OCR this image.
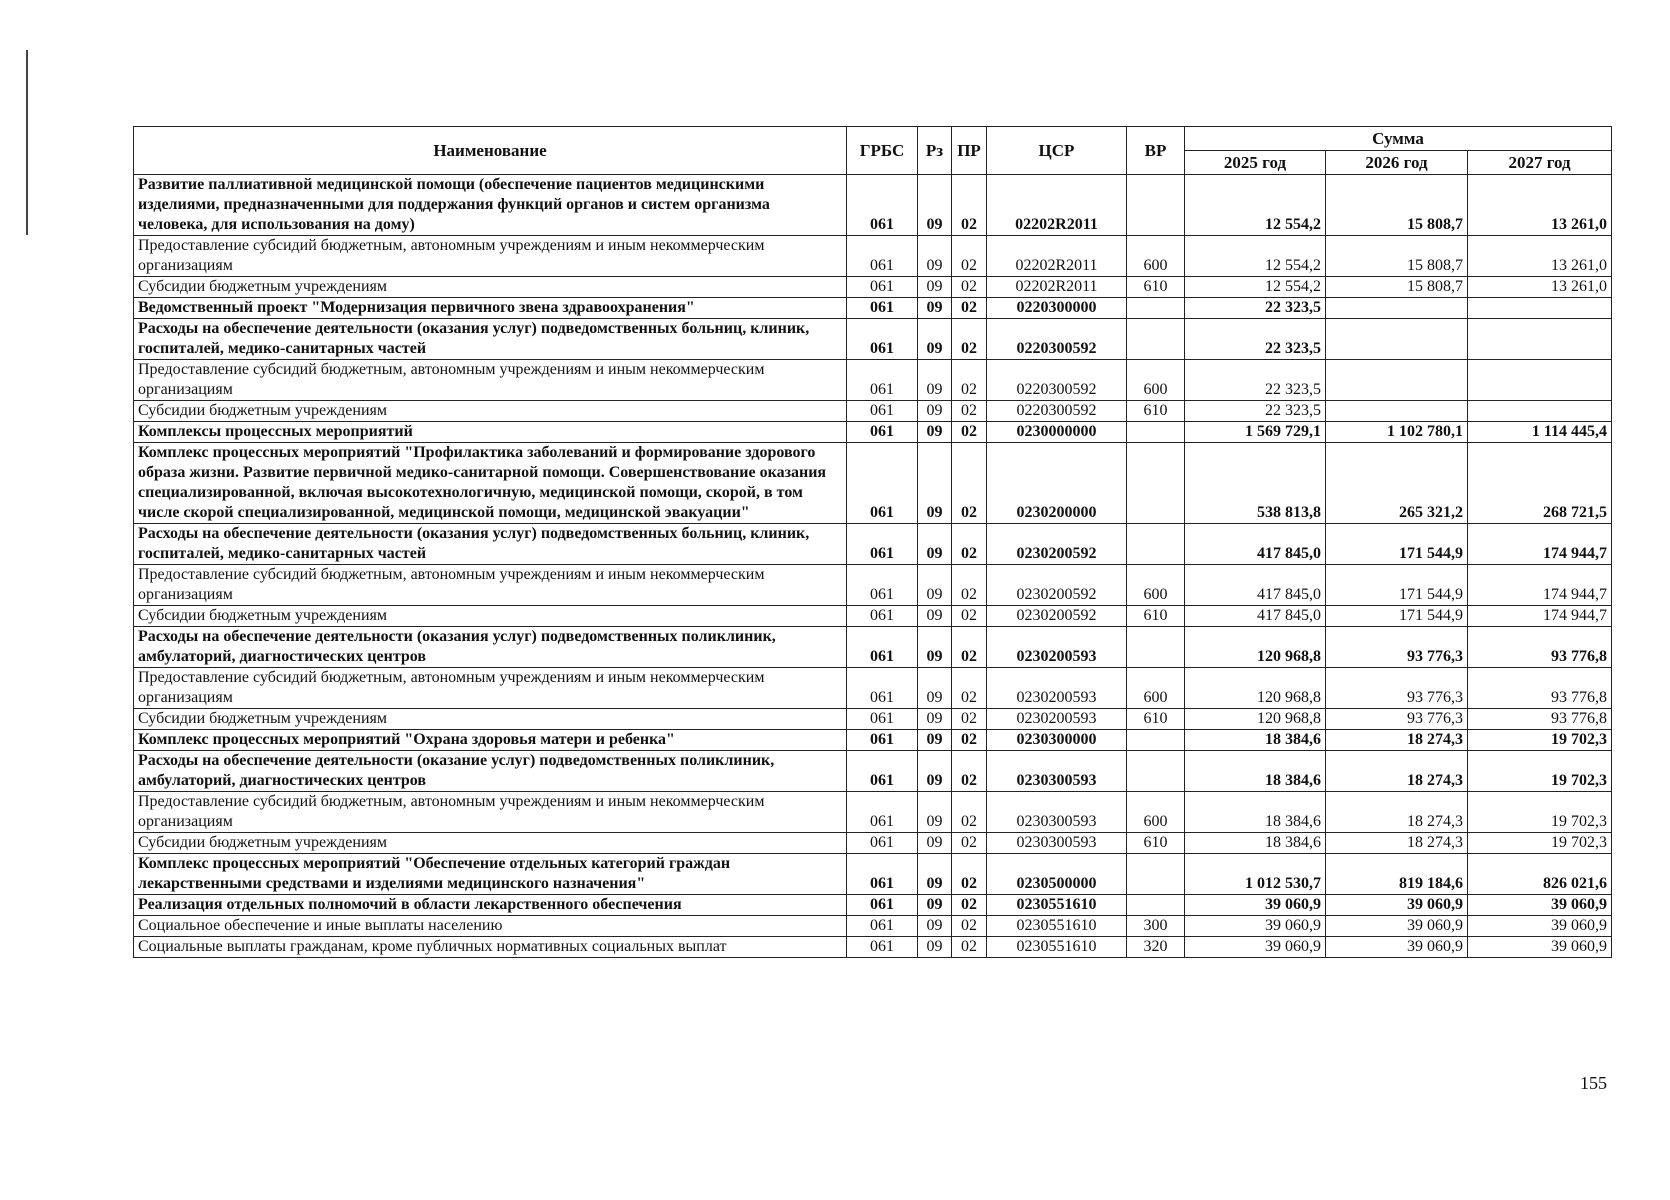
Наименование	ГРБС	Рз	ПР	ЦСР	ВР	Сумма		
						2025 год	2026 год	2027 год
Развитие паллиативной медицинской помощи (обеспечение пациентов медицинскими изделиями, предназначенными для поддержания функций органов и систем организма человека, для использования на дому)	061	09	02	02202R2011		12 554,2	15 808,7	13 261,0
Предоставление субсидий бюджетным, автономным учреждениям и иным некоммерческим организациям	061	09	02	02202R2011	600	12 554,2	15 808,7	13 261,0
Субсидии бюджетным учреждениям	061	09	02	02202R2011	610	12 554,2	15 808,7	13 261,0
Ведомственный проект "Модернизация первичного звена здравоохранения"	061	09	02	0220300000		22 323,5		
Расходы на обеспечение деятельности (оказания услуг) подведомственных больниц, клиник, госпиталей, медико-санитарных частей	061	09	02	0220300592		22 323,5		
Предоставление субсидий бюджетным, автономным учреждениям и иным некоммерческим организациям	061	09	02	0220300592	600	22 323,5		
Субсидии бюджетным учреждениям	061	09	02	0220300592	610	22 323,5		
Комплексы процессных мероприятий	061	09	02	0230000000		1 569 729,1	1 102 780,1	1 114 445,4
Комплекс процессных мероприятий "Профилактика заболеваний и формирование здорового образа жизни. Развитие первичной медико-санитарной помощи. Совершенствование оказания специализированной, включая высокотехнологичную, медицинской помощи, скорой, в том числе скорой специализированной, медицинской помощи, медицинской эвакуации"	061	09	02	0230200000		538 813,8	265 321,2	268 721,5
Расходы на обеспечение деятельности (оказания услуг) подведомственных больниц, клиник, госпиталей, медико-санитарных частей	061	09	02	0230200592		417 845,0	171 544,9	174 944,7
Предоставление субсидий бюджетным, автономным учреждениям и иным некоммерческим организациям	061	09	02	0230200592	600	417 845,0	171 544,9	174 944,7
Субсидии бюджетным учреждениям	061	09	02	0230200592	610	417 845,0	171 544,9	174 944,7
Расходы на обеспечение деятельности (оказания услуг) подведомственных поликлиник, амбулаторий, диагностических центров	061	09	02	0230200593		120 968,8	93 776,3	93 776,8
Предоставление субсидий бюджетным, автономным учреждениям и иным некоммерческим организациям	061	09	02	0230200593	600	120 968,8	93 776,3	93 776,8
Субсидии бюджетным учреждениям	061	09	02	0230200593	610	120 968,8	93 776,3	93 776,8
Комплекс процессных мероприятий "Охрана здоровья матери и ребенка"	061	09	02	0230300000		18 384,6	18 274,3	19 702,3
Расходы на обеспечение деятельности (оказание услуг) подведомственных поликлиник, амбулаторий, диагностических центров	061	09	02	0230300593		18 384,6	18 274,3	19 702,3
Предоставление субсидий бюджетным, автономным учреждениям и иным некоммерческим организациям	061	09	02	0230300593	600	18 384,6	18 274,3	19 702,3
Субсидии бюджетным учреждениям	061	09	02	0230300593	610	18 384,6	18 274,3	19 702,3
Комплекс процессных мероприятий "Обеспечение отдельных категорий граждан лекарственными средствами и изделиями медицинского назначения"	061	09	02	0230500000		1 012 530,7	819 184,6	826 021,6
Реализация отдельных полномочий в области лекарственного обеспечения	061	09	02	0230551610		39 060,9	39 060,9	39 060,9
Социальное обеспечение и иные выплаты населению	061	09	02	0230551610	300	39 060,9	39 060,9	39 060,9
Социальные выплаты гражданам, кроме публичных нормативных социальных выплат	061	09	02	0230551610	320	39 060,9	39 060,9	39 060,9
155
